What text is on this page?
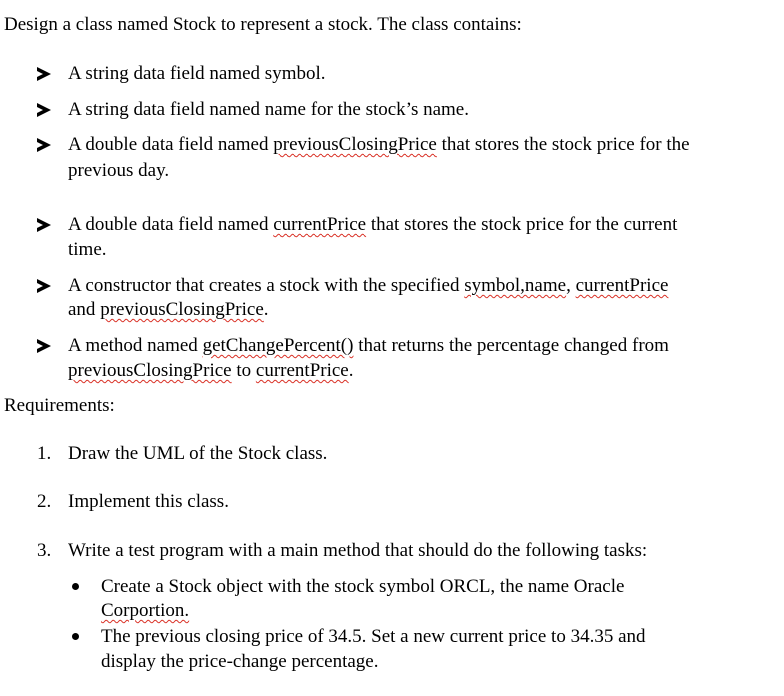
Design a class named Stock to represent a stock. The class contains:
A string data field named symbol.
A string data field named name for the stock’s name.
A double data field named previousClosingPrice that stores the stock price for the
previous day.
A double data field named currentPrice that stores the stock price for the current
time.
A constructor that creates a stock with the specified symbol,name, currentPrice
and previousClosingPrice.
A method named getChangePercent() that returns the percentage changed from
previousClosingPrice to currentPrice.
Requirements:
1. Draw the UML of the Stock class.
2. Implement this class.
3. Write a test program with a main method that should do the following tasks:
Create a Stock object with the stock symbol ORCL, the name Oracle
Corportion.
The previous closing price of 34.5. Set a new current price to 34.35 and
display the price-change percentage.
